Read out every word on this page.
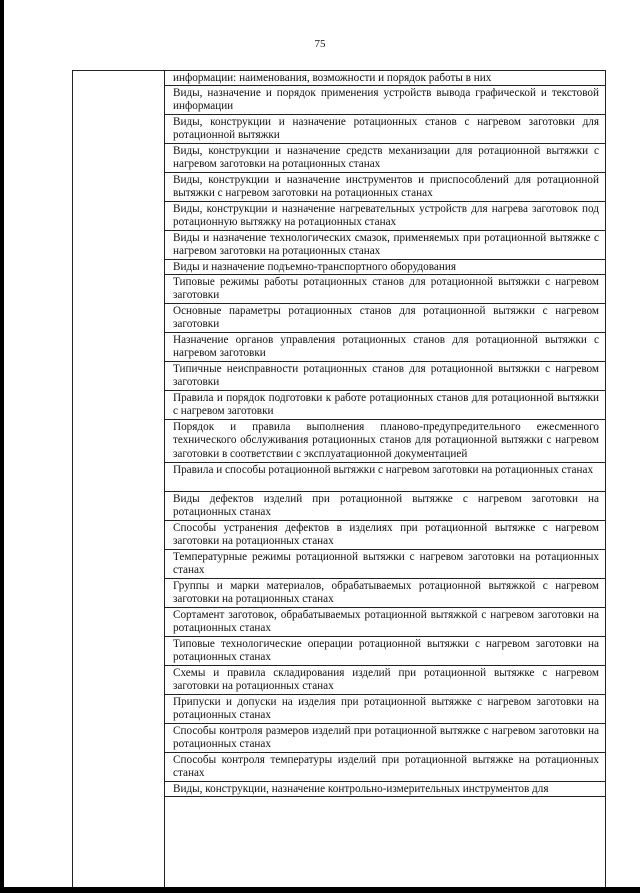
75
информации: наименования, возможности и порядок работы в них
Виды, назначение и порядок применения устройств вывода графической и текстовой информации
Виды, конструкции и назначение ротационных станов с нагревом заготовки для ротационной вытяжки
Виды, конструкции и назначение средств механизации для ротационной вытяжки с нагревом заготовки на ротационных станах
Виды, конструкции и назначение инструментов и приспособлений для ротационной вытяжки с нагревом заготовки на ротационных станах
Виды, конструкции и назначение нагревательных устройств для нагрева заготовок под ротационную вытяжку на ротационных станах
Виды и назначение технологических смазок, применяемых при ротационной вытяжке с нагревом заготовки на ротационных станах
Виды и назначение подъемно-транспортного оборудования
Типовые режимы работы ротационных станов для ротационной вытяжки с нагревом заготовки
Основные параметры ротационных станов для ротационной вытяжки с нагревом заготовки
Назначение органов управления ротационных станов для ротационной вытяжки с нагревом заготовки
Типичные неисправности ротационных станов для ротационной вытяжки с нагревом заготовки
Правила и порядок подготовки к работе ротационных станов для ротационной вытяжки с нагревом заготовки
Порядок и правила выполнения планово-предупредительного ежесменного технического обслуживания ротационных станов для ротационной вытяжки с нагревом заготовки в соответствии с эксплуатационной документацией
Правила и способы ротационной вытяжки с нагревом заготовки на ротационных станах
Виды дефектов изделий при ротационной вытяжке с нагревом заготовки на ротационных станах
Способы устранения дефектов в изделиях при ротационной вытяжке с нагревом заготовки на ротационных станах
Температурные режимы ротационной вытяжки с нагревом заготовки на ротационных станах
Группы и марки материалов, обрабатываемых ротационной вытяжкой с нагревом заготовки на ротационных станах
Сортамент заготовок, обрабатываемых ротационной вытяжкой с нагревом заготовки на ротационных станах
Типовые технологические операции ротационной вытяжки с нагревом заготовки на ротационных станах
Схемы и правила складирования изделий при ротационной вытяжке с нагревом заготовки на ротационных станах
Припуски и допуски на изделия при ротационной вытяжке с нагревом заготовки на ротационных станах
Способы контроля размеров изделий при ротационной вытяжке с нагревом заготовки на ротационных станах
Способы контроля температуры изделий при ротационной вытяжке на ротационных станах
Виды, конструкции, назначение контрольно-измерительных инструментов для
